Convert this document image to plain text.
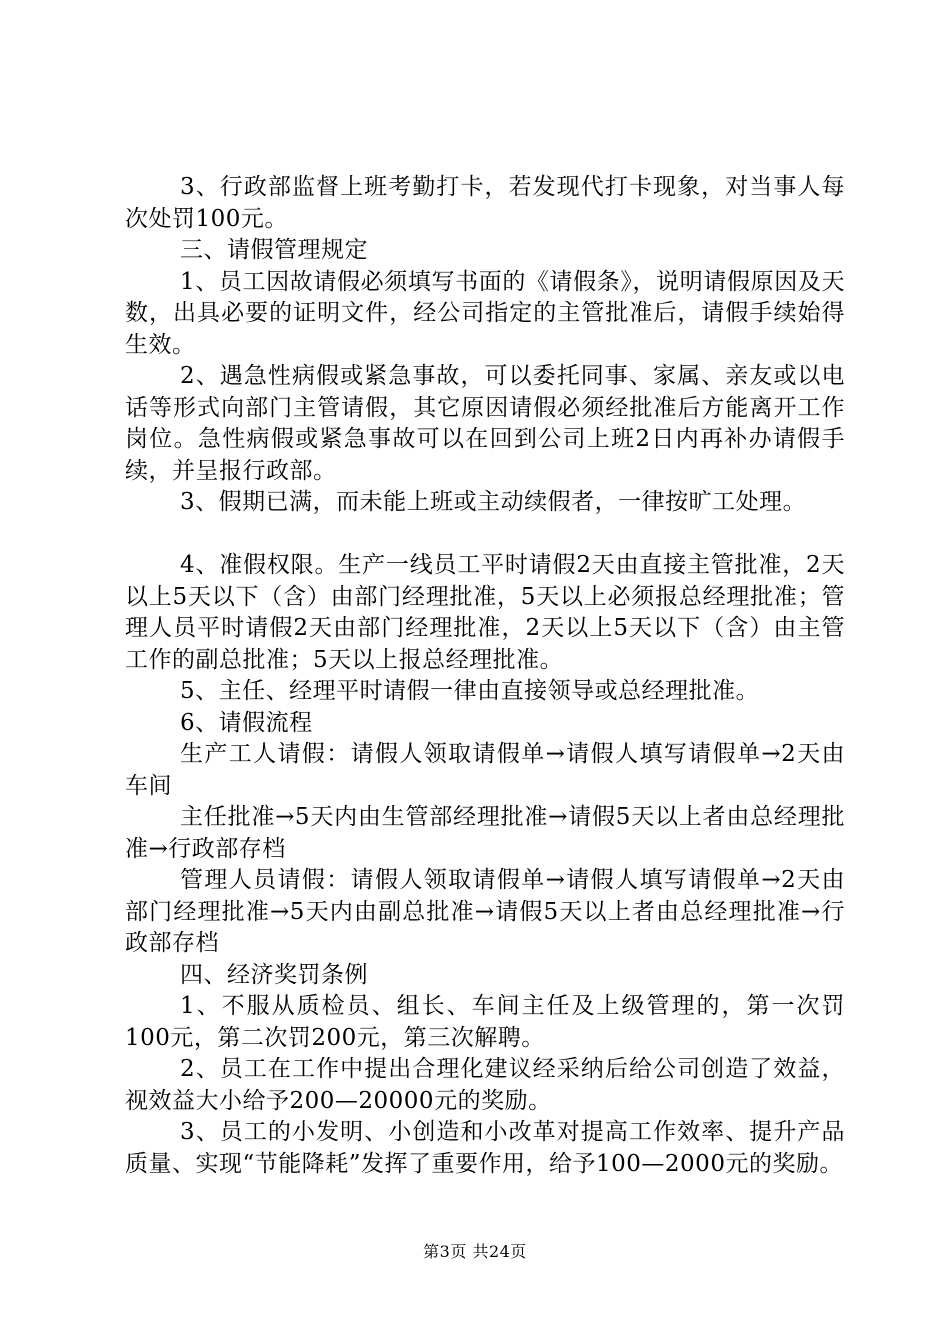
3、行政部监督上班考勤打卡，若发现代打卡现象，对当事人每次处罚100元。

三、请假管理规定

1、员工因故请假必须填写书面的《请假条》，说明请假原因及天数，出具必要的证明文件，经公司指定的主管批准后，请假手续始得生效。

2、遇急性病假或紧急事故，可以委托同事、家属、亲友或以电话等形式向部门主管请假，其它原因请假必须经批准后方能离开工作岗位。急性病假或紧急事故可以在回到公司上班2日内再补办请假手续，并呈报行政部。

3、假期已满，而未能上班或主动续假者，一律按旷工处理。

4、准假权限。生产一线员工平时请假2天由直接主管批准，2天以上5天以下（含）由部门经理批准，5天以上必须报总经理批准；管理人员平时请假2天由部门经理批准，2天以上5天以下（含）由主管工作的副总批准；5天以上报总经理批准。

5、主任、经理平时请假一律由直接领导或总经理批准。

6、请假流程

生产工人请假：请假人领取请假单→请假人填写请假单→2天由车间

主任批准→5天内由生管部经理批准→请假5天以上者由总经理批准→行政部存档

管理人员请假：请假人领取请假单→请假人填写请假单→2天由部门经理批准→5天内由副总批准→请假5天以上者由总经理批准→行政部存档

四、经济奖罚条例

1、不服从质检员、组长、车间主任及上级管理的，第一次罚100元，第二次罚200元，第三次解聘。

2、员工在工作中提出合理化建议经采纳后给公司创造了效益，视效益大小给予200—20000元的奖励。

3、员工的小发明、小创造和小改革对提高工作效率、提升产品质量、实现“节能降耗”发挥了重要作用，给予100—2000元的奖励。

第3页 共24页
